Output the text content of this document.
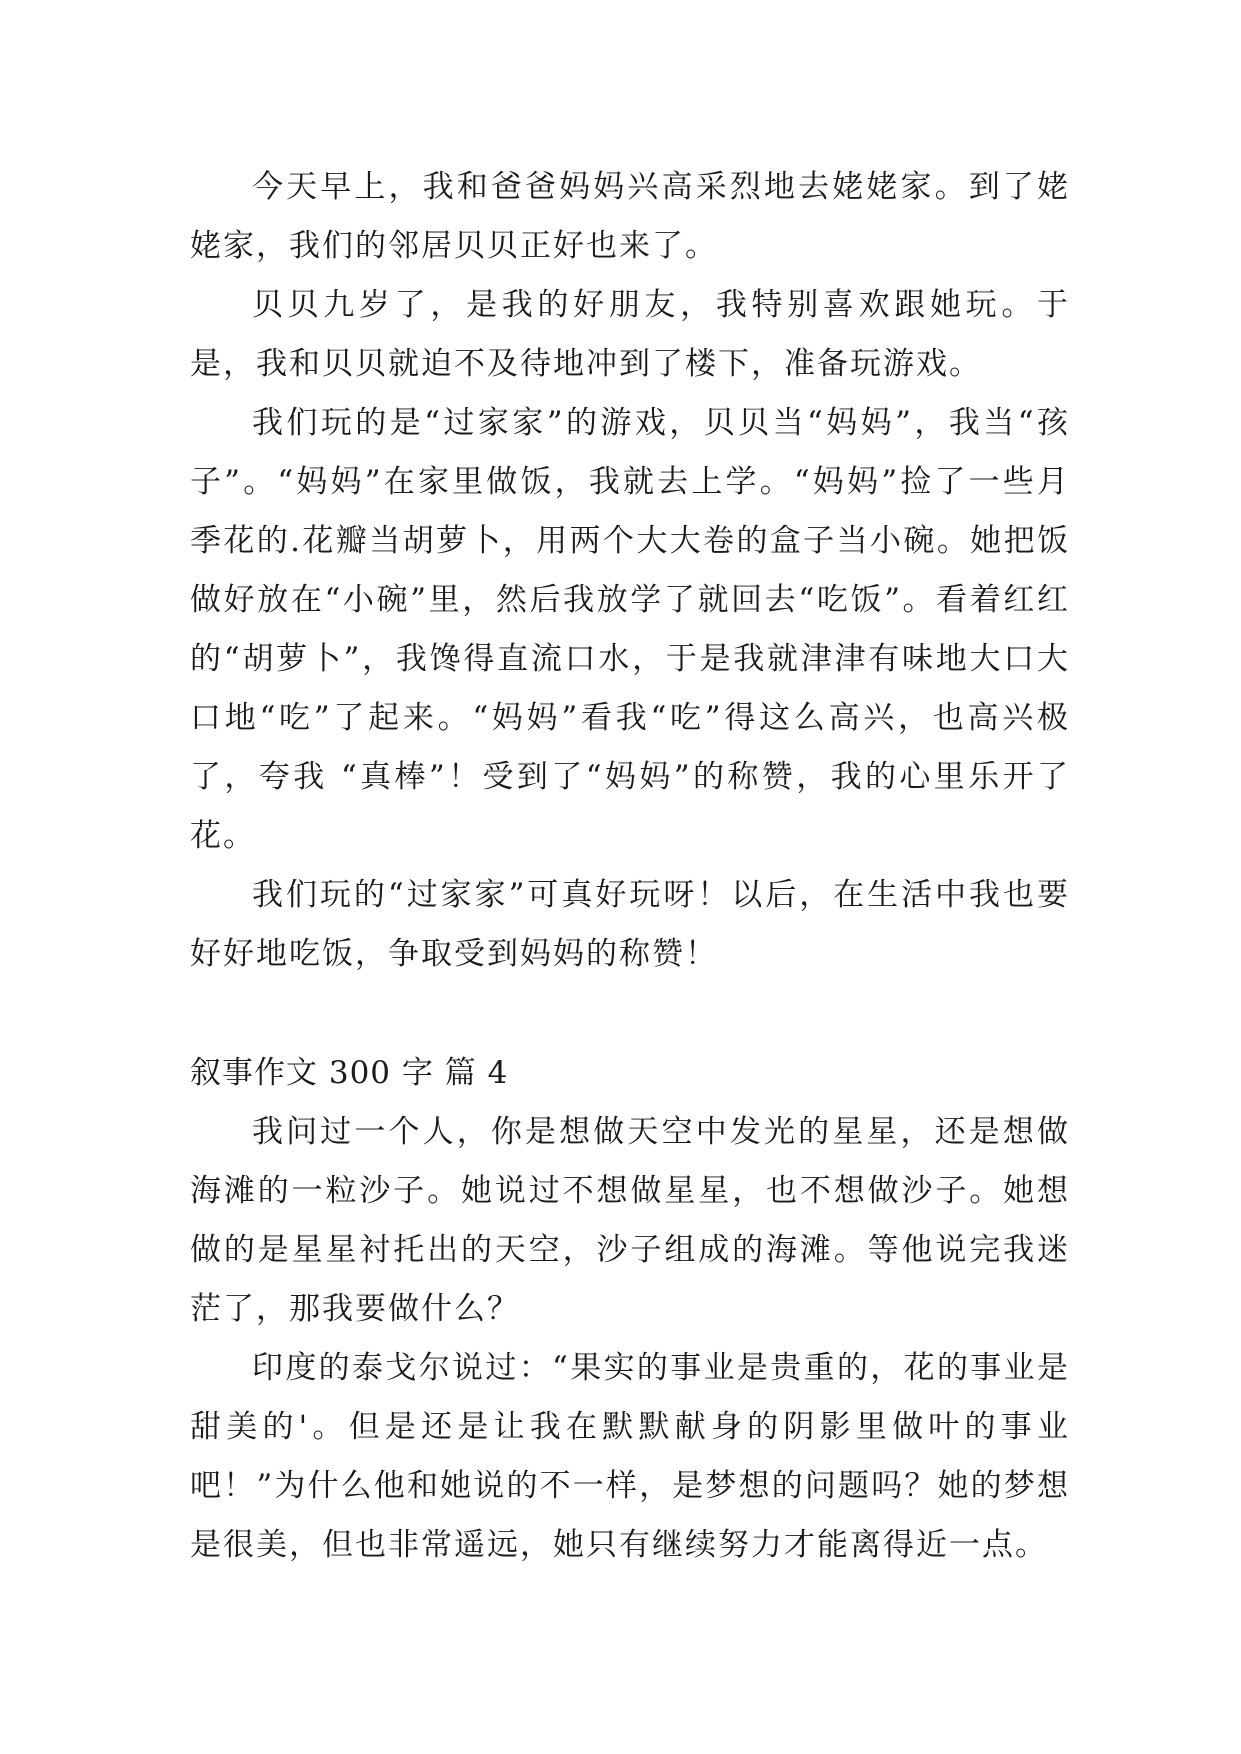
今天早上，我和爸爸妈妈兴高采烈地去姥姥家。到了姥姥家，我们的邻居贝贝正好也来了。

贝贝九岁了，是我的好朋友，我特别喜欢跟她玩。于是，我和贝贝就迫不及待地冲到了楼下，准备玩游戏。

我们玩的是“过家家”的游戏，贝贝当“妈妈”，我当“孩子”。“妈妈”在家里做饭，我就去上学。“妈妈”捡了一些月季花的.花瓣当胡萝卜，用两个大大卷的盒子当小碗。她把饭做好放在“小碗”里，然后我放学了就回去“吃饭”。看着红红的“胡萝卜”，我馋得直流口水，于是我就津津有味地大口大口地“吃”了起来。“妈妈”看我“吃”得这么高兴，也高兴极了，夸我 “真棒”！受到了“妈妈”的称赞，我的心里乐开了花。

我们玩的“过家家”可真好玩呀！以后，在生活中我也要好好地吃饭，争取受到妈妈的称赞！

叙事作文 300 字 篇 4

我问过一个人，你是想做天空中发光的星星，还是想做海滩的一粒沙子。她说过不想做星星，也不想做沙子。她想做的是星星衬托出的天空，沙子组成的海滩。等他说完我迷茫了，那我要做什么？

印度的泰戈尔说过：“果实的事业是贵重的，花的事业是甜美的'。但是还是让我在默默献身的阴影里做叶的事业吧！”为什么他和她说的不一样，是梦想的问题吗？她的梦想是很美，但也非常遥远，她只有继续努力才能离得近一点。
